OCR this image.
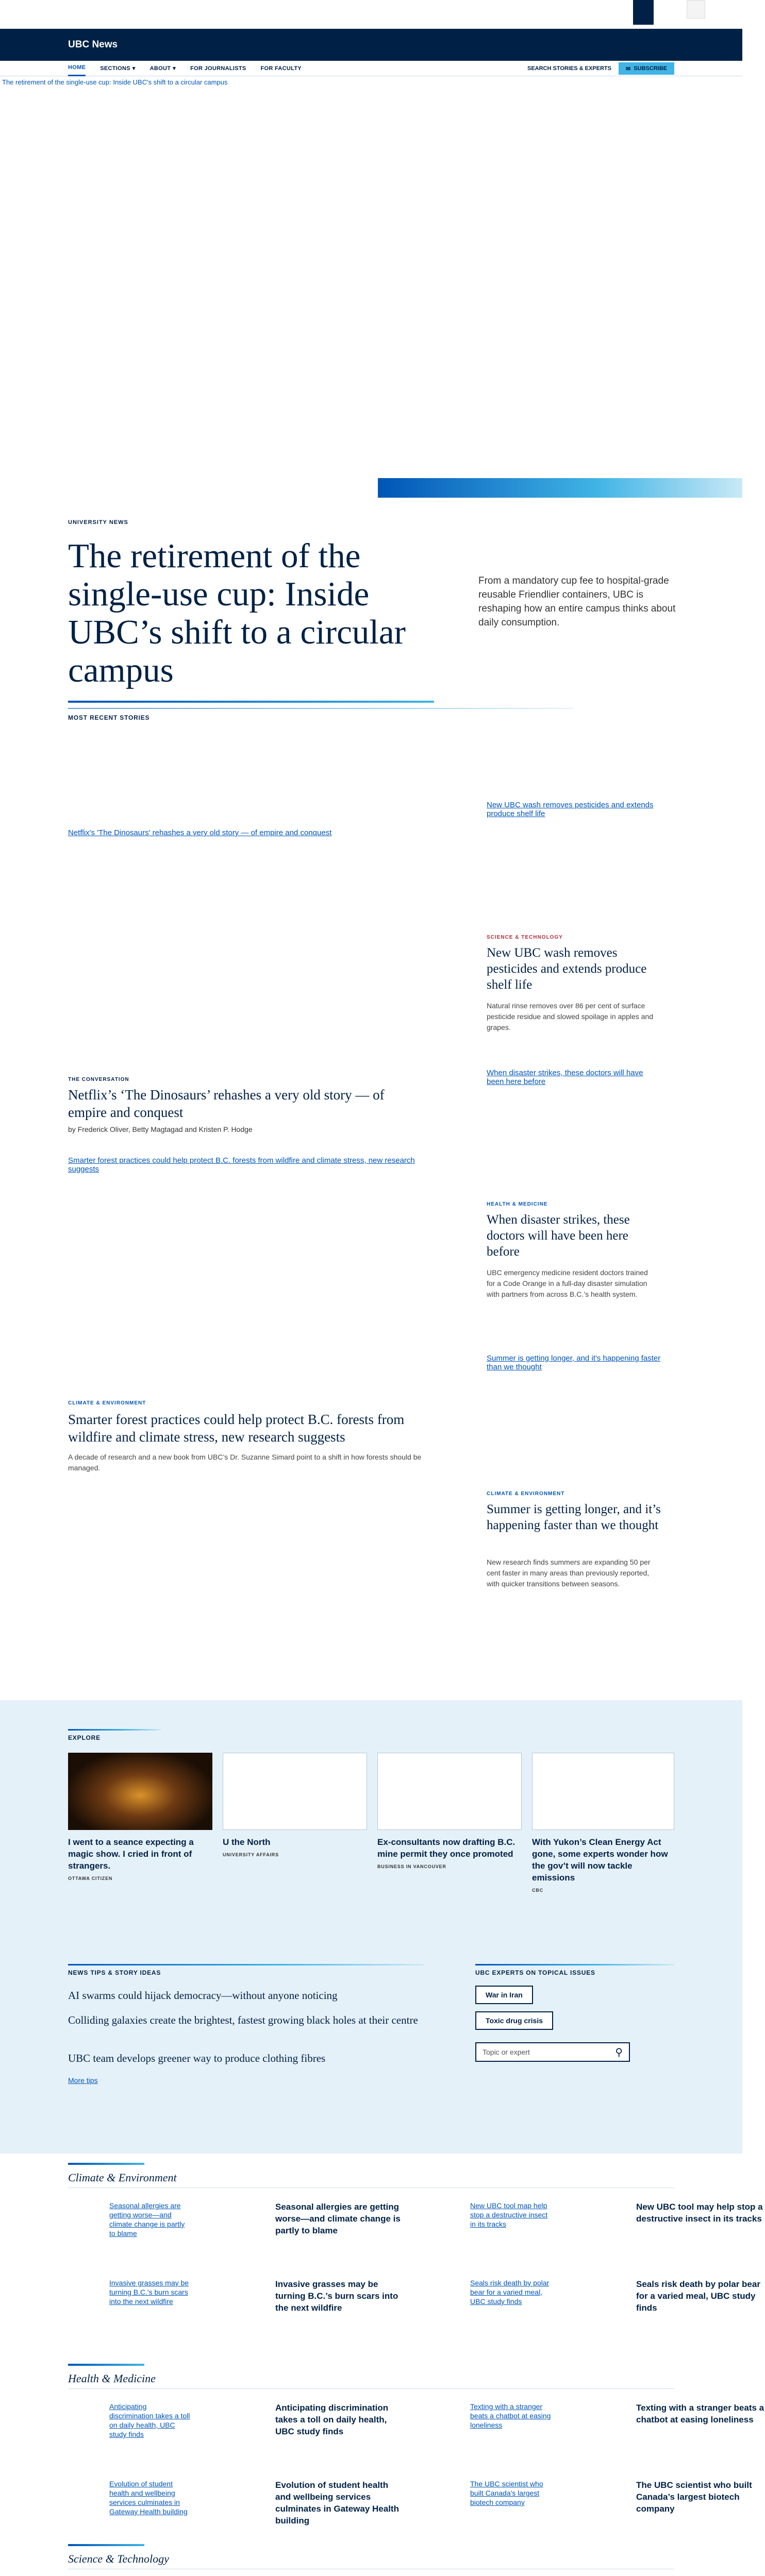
UBC News
HOME	SECTIONS ▾	ABOUT ▾	FOR JOURNALISTS	FOR FACULTY	SEARCH STORIES & EXPERTS	✉ SUBSCRIBE
The retirement of the single-use cup: Inside UBC's shift to a circular campus
UNIVERSITY NEWS
The retirement of the single-use cup: Inside UBC’s shift to a circular campus

From a mandatory cup fee to hospital-grade reusable Friendlier containers, UBC is reshaping how an entire campus thinks about daily consumption.

MOST RECENT STORIES
Netflix's 'The Dinosaurs' rehashes a very old story — of empire and conquest
THE CONVERSATION
Netflix’s ‘The Dinosaurs’ rehashes a very old story — of empire and conquest
by Frederick Oliver, Betty Magtagad and Kristen P. Hodge
Smarter forest practices could help protect B.C. forests from wildfire and climate stress, new research suggests
CLIMATE & ENVIRONMENT
Smarter forest practices could help protect B.C. forests from wildfire and climate stress, new research suggests
A decade of research and a new book from UBC’s Dr. Suzanne Simard point to a shift in how forests should be managed.
New UBC wash removes pesticides and extends produce shelf life
SCIENCE & TECHNOLOGY
New UBC wash removes pesticides and extends produce shelf life
Natural rinse removes over 86 per cent of surface pesticide residue and slowed spoilage in apples and grapes.
When disaster strikes, these doctors will have been here before
HEALTH & MEDICINE
When disaster strikes, these doctors will have been here before
UBC emergency medicine resident doctors trained for a Code Orange in a full-day disaster simulation with partners from across B.C.’s health system.
Summer is getting longer, and it's happening faster than we thought
CLIMATE & ENVIRONMENT
Summer is getting longer, and it’s happening faster than we thought
New research finds summers are expanding 50 per cent faster in many areas than previously reported, with quicker transitions between seasons.
EXPLORE
I went to a seance expecting a magic show. I cried in front of strangers.
OTTAWA CITIZEN
U the North
UNIVERSITY AFFAIRS
Ex-consultants now drafting B.C. mine permit they once promoted
BUSINESS IN VANCOUVER
With Yukon’s Clean Energy Act gone, some experts wonder how the gov’t will now tackle emissions
CBC
NEWS TIPS & STORY IDEAS
AI swarms could hijack democracy—without anyone noticing
Colliding galaxies create the brightest, fastest growing black holes at their centre
UBC team develops greener way to produce clothing fibres
More tips
UBC EXPERTS ON TOPICAL ISSUES
War in Iran
Toxic drug crisis
Topic or expert	⚲
Climate & Environment
Seasonal allergies are getting worse—and climate change is partly to blame
Seasonal allergies are getting worse—and climate change is partly to blame
New UBC tool map help stop a destructive insect in its tracks
New UBC tool may help stop a destructive insect in its tracks
Invasive grasses may be turning B.C.'s burn scars into the next wildfire
Invasive grasses may be turning B.C.’s burn scars into the next wildfire
Seals risk death by polar bear for a varied meal, UBC study finds
Seals risk death by polar bear for a varied meal, UBC study finds
Health & Medicine
Anticipating discrimination takes a toll on daily health, UBC study finds
Anticipating discrimination takes a toll on daily health, UBC study finds
Texting with a stranger beats a chatbot at easing loneliness
Texting with a stranger beats a chatbot at easing loneliness
Evolution of student health and wellbeing services culminates in Gateway Health building
Evolution of student health and wellbeing services culminates in Gateway Health building
The UBC scientist who built Canada's largest biotech company
The UBC scientist who built Canada’s largest biotech company
Science & Technology
